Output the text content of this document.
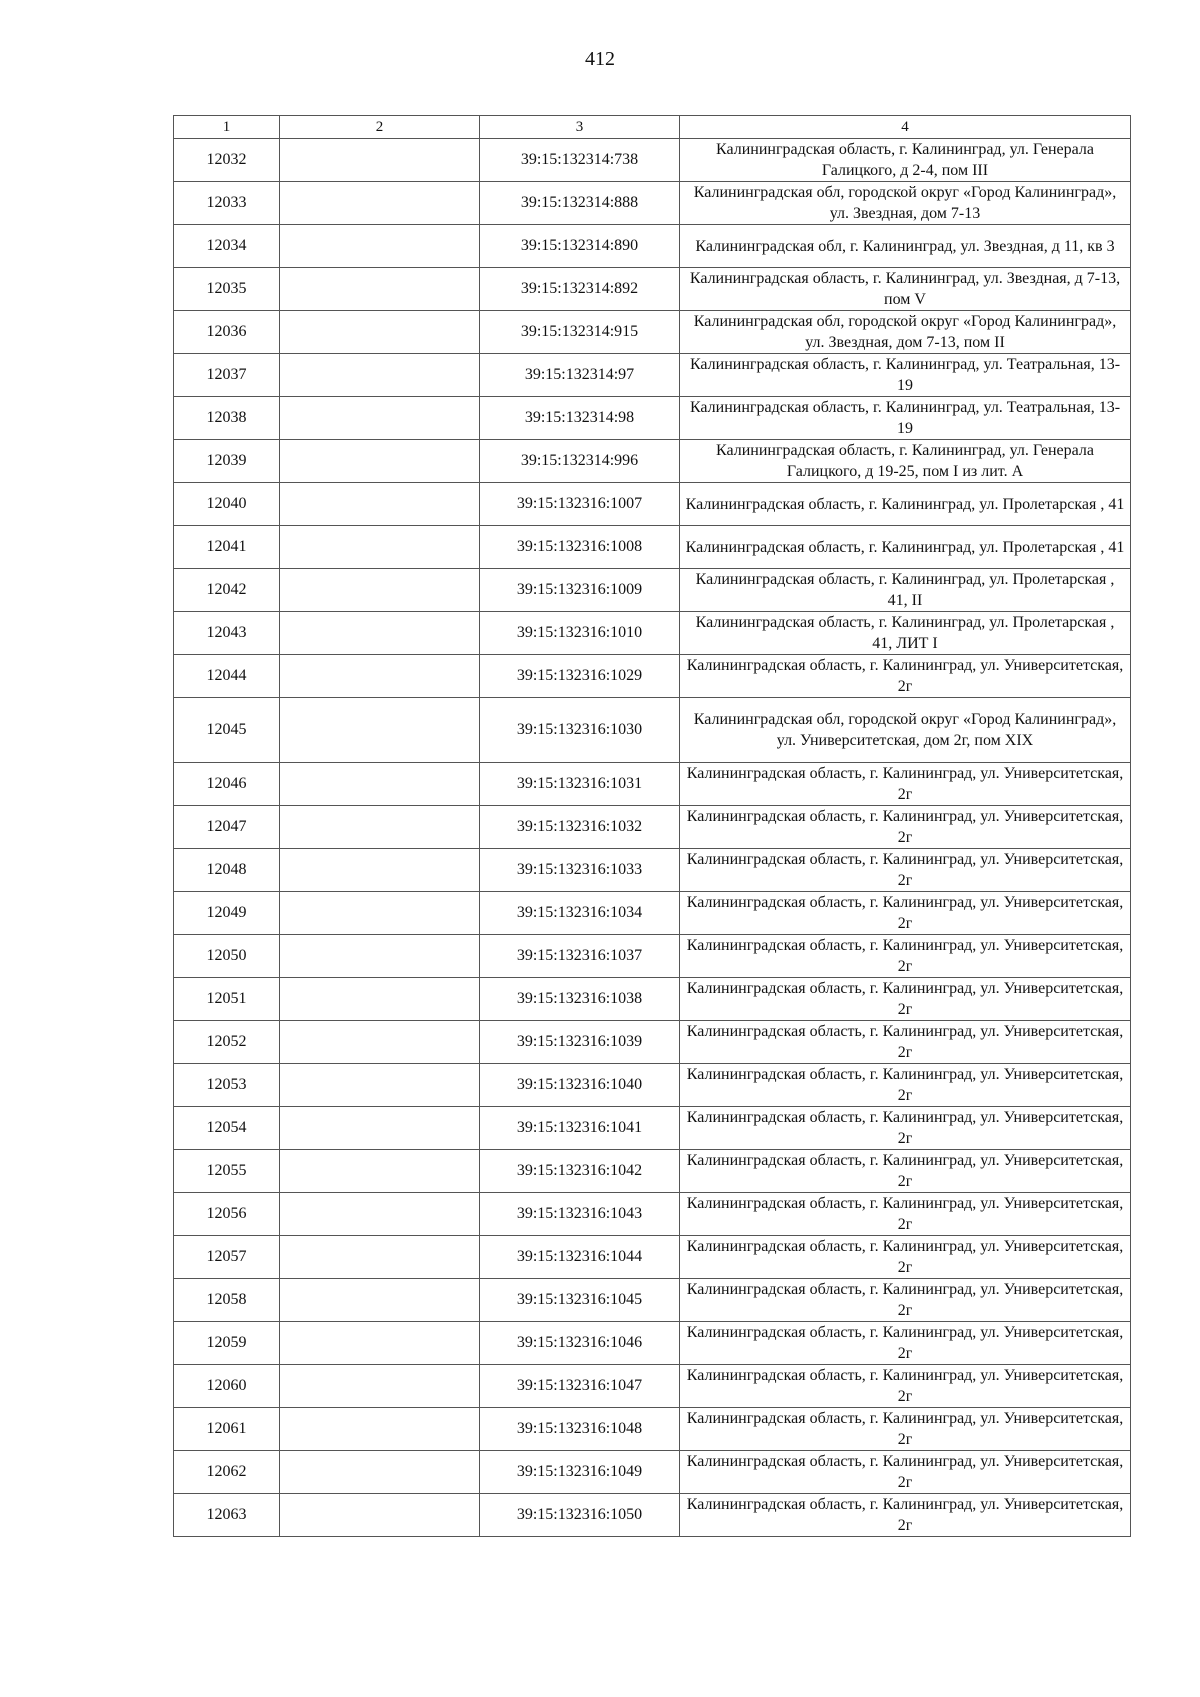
412
1	2	3	4
12032		39:15:132314:738	Калининградская область, г. Калининград, ул. Генерала Галицкого, д 2-4, пом III
12033		39:15:132314:888	Калининградская обл, городской округ «Город Калининград», ул. Звездная, дом 7-13
12034		39:15:132314:890	Калининградская обл, г. Калининград, ул. Звездная, д 11, кв 3
12035		39:15:132314:892	Калининградская область, г. Калининград, ул. Звездная, д 7-13, пом V
12036		39:15:132314:915	Калининградская обл, городской округ «Город Калининград», ул. Звездная, дом 7-13, пом II
12037		39:15:132314:97	Калининградская область, г. Калининград, ул. Театральная, 13-19
12038		39:15:132314:98	Калининградская область, г. Калининград, ул. Театральная, 13-19
12039		39:15:132314:996	Калининградская область, г. Калининград, ул. Генерала Галицкого, д 19-25, пом I из лит. А
12040		39:15:132316:1007	Калининградская область, г. Калининград, ул. Пролетарская , 41
12041		39:15:132316:1008	Калининградская область, г. Калининград, ул. Пролетарская , 41
12042		39:15:132316:1009	Калининградская область, г. Калининград, ул. Пролетарская , 41, II
12043		39:15:132316:1010	Калининградская область, г. Калининград, ул. Пролетарская , 41, ЛИТ I
12044		39:15:132316:1029	Калининградская область, г. Калининград, ул. Университетская, 2г
12045		39:15:132316:1030	Калининградская обл, городской округ «Город Калининград», ул. Университетская, дом 2г, пом XIX
12046		39:15:132316:1031	Калининградская область, г. Калининград, ул. Университетская, 2г
12047		39:15:132316:1032	Калининградская область, г. Калининград, ул. Университетская, 2г
12048		39:15:132316:1033	Калининградская область, г. Калининград, ул. Университетская, 2г
12049		39:15:132316:1034	Калининградская область, г. Калининград, ул. Университетская, 2г
12050		39:15:132316:1037	Калининградская область, г. Калининград, ул. Университетская, 2г
12051		39:15:132316:1038	Калининградская область, г. Калининград, ул. Университетская, 2г
12052		39:15:132316:1039	Калининградская область, г. Калининград, ул. Университетская, 2г
12053		39:15:132316:1040	Калининградская область, г. Калининград, ул. Университетская, 2г
12054		39:15:132316:1041	Калининградская область, г. Калининград, ул. Университетская, 2г
12055		39:15:132316:1042	Калининградская область, г. Калининград, ул. Университетская, 2г
12056		39:15:132316:1043	Калининградская область, г. Калининград, ул. Университетская, 2г
12057		39:15:132316:1044	Калининградская область, г. Калининград, ул. Университетская, 2г
12058		39:15:132316:1045	Калининградская область, г. Калининград, ул. Университетская, 2г
12059		39:15:132316:1046	Калининградская область, г. Калининград, ул. Университетская, 2г
12060		39:15:132316:1047	Калининградская область, г. Калининград, ул. Университетская, 2г
12061		39:15:132316:1048	Калининградская область, г. Калининград, ул. Университетская, 2г
12062		39:15:132316:1049	Калининградская область, г. Калининград, ул. Университетская, 2г
12063		39:15:132316:1050	Калининградская область, г. Калининград, ул. Университетская, 2г
